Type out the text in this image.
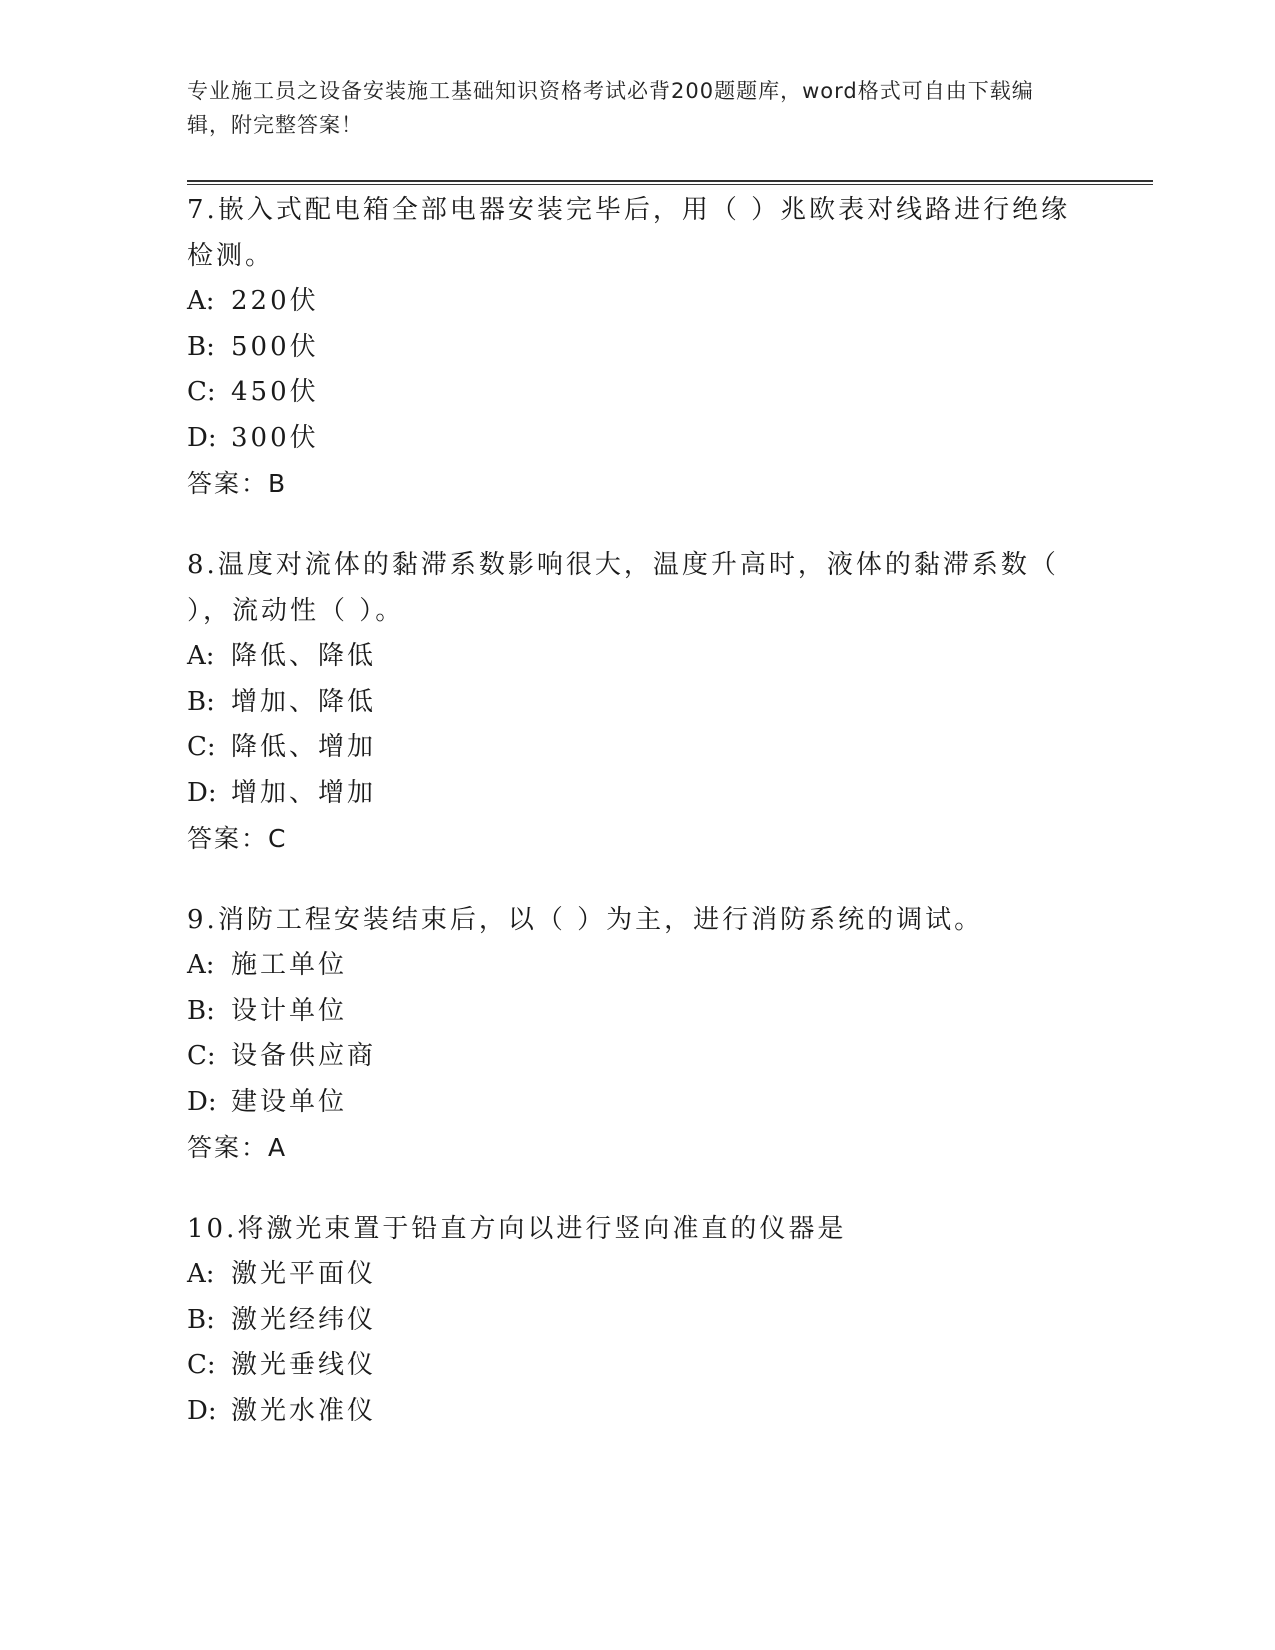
专业施工员之设备安装施工基础知识资格考试必背200题题库，word格式可自由下载编辑，附完整答案！
7.嵌入式配电箱全部电器安装完毕后，用（ ）兆欧表对线路进行绝缘检测。
A: 220伏
B: 500伏
C: 450伏
D: 300伏
答案：B
8.温度对流体的黏滞系数影响很大，温度升高时，液体的黏滞系数（ ），流动性（ ）。
A: 降低、降低
B: 增加、降低
C: 降低、增加
D: 增加、增加
答案：C
9.消防工程安装结束后，以（ ）为主，进行消防系统的调试。
A: 施工单位
B: 设计单位
C: 设备供应商
D: 建设单位
答案：A
10.将激光束置于铅直方向以进行竖向准直的仪器是
A: 激光平面仪
B: 激光经纬仪
C: 激光垂线仪
D: 激光水准仪
